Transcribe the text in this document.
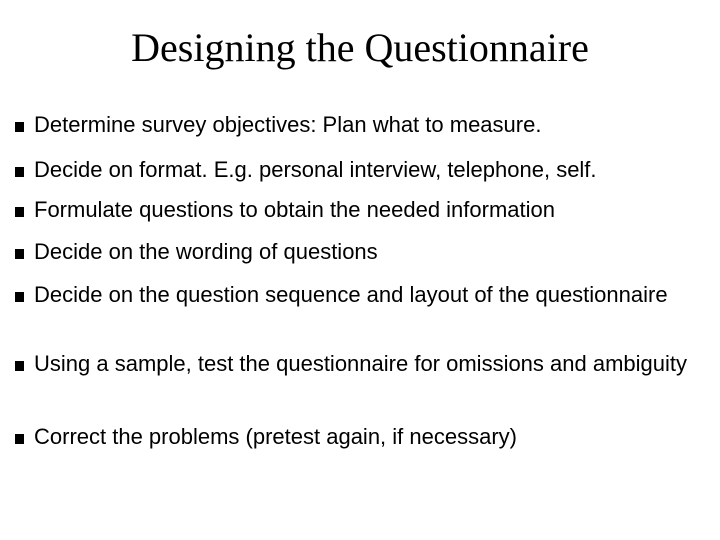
Designing the Questionnaire
Determine survey objectives: Plan what to measure.
Decide on format. E.g. personal interview, telephone, self.
Formulate questions to obtain the needed information
Decide on the wording of questions
Decide on the question sequence and layout of the questionnaire
Using a sample, test the questionnaire for omissions and ambiguity
Correct the problems (pretest again, if necessary)
